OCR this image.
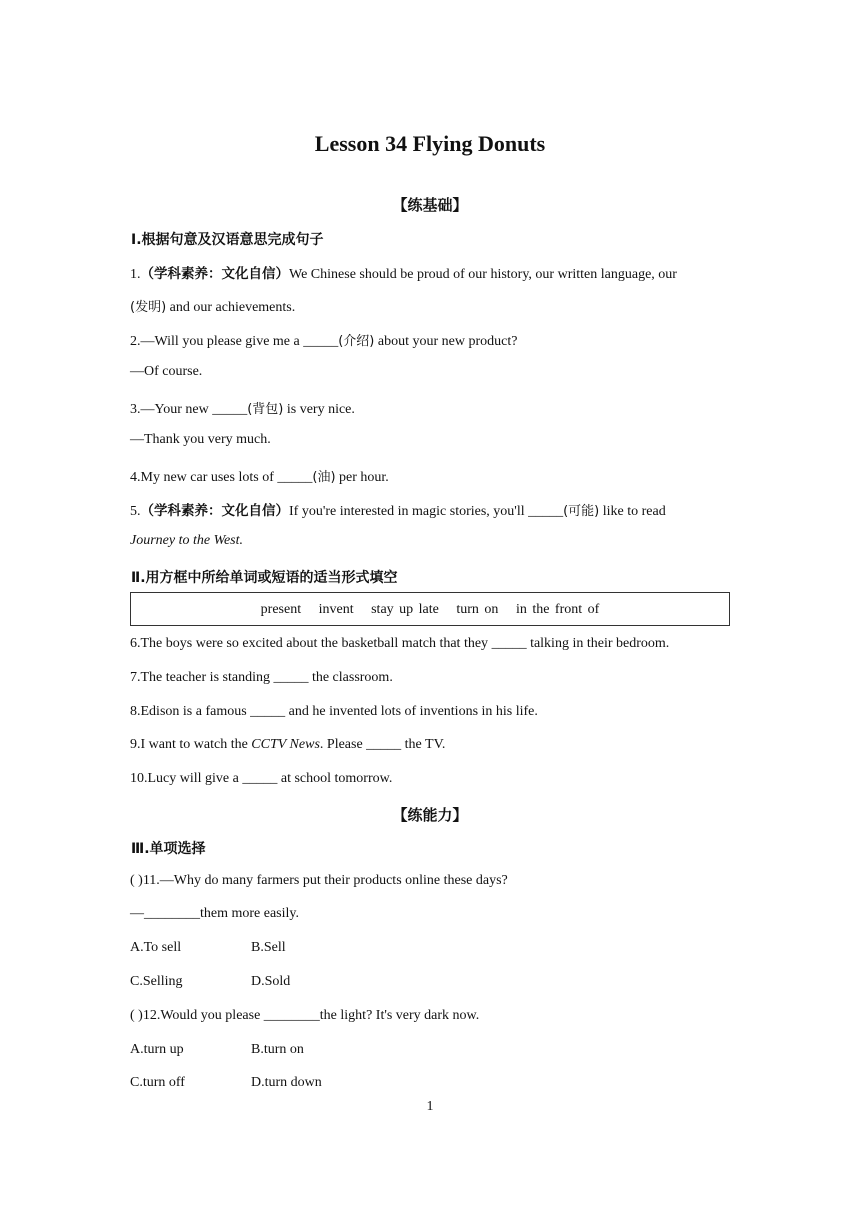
Lesson 34 Flying Donuts
【练基础】
Ⅰ.根据句意及汉语意思完成句子
1.（学科素养：文化自信）We Chinese should be proud of our history, our written language, our
(发明) and our achievements.
2.—Will you please give me a _____(介绍) about your new product?
—Of course.
3.—Your new _____(背包) is very nice.
—Thank you very much.
4.My new car uses lots of _____(油) per hour.
5.（学科素养：文化自信）If you're interested in magic stories, you'll _____(可能) like to read
Journey to the West.
Ⅱ.用方框中所给单词或短语的适当形式填空
present invent stay up late turn on in the front of
6.The boys were so excited about the basketball match that they _____ talking in their bedroom.
7.The teacher is standing _____ the classroom.
8.Edison is a famous _____ and he invented lots of inventions in his life.
9.I want to watch the CCTV News. Please _____ the TV.
10.Lucy will give a _____ at school tomorrow.
【练能力】
Ⅲ.单项选择
( )11.—Why do many farmers put their products online these days?
—________them more easily.
A.To sell	B.Sell
C.Selling	D.Sold
( )12.Would you please ________the light? It's very dark now.
A.turn up	B.turn on
C.turn off	D.turn down
1
